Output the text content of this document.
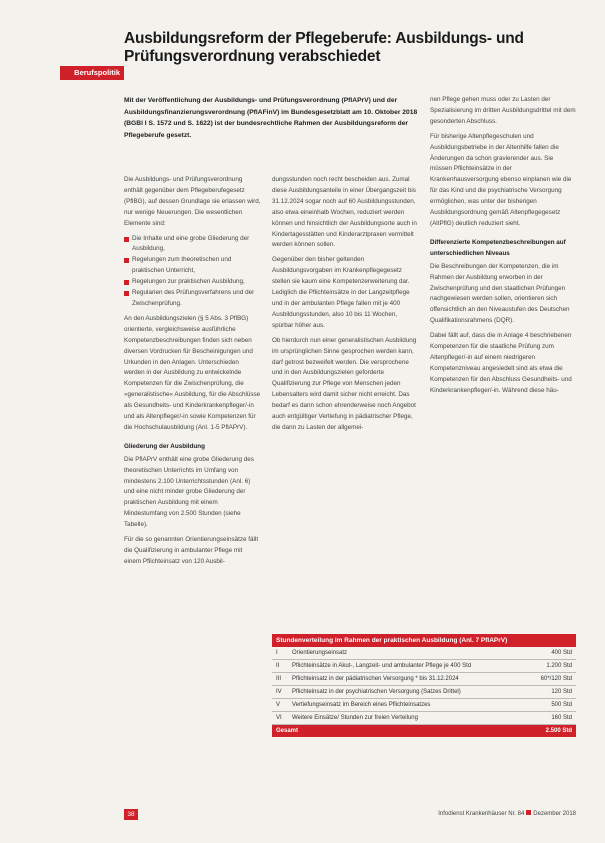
Ausbildungsreform der Pflegeberufe: Ausbildungs- und Prüfungsverordnung verabschiedet
Berufspolitik
Mit der Veröffentlichung der Ausbildungs- und Prüfungsverordnung (PflAPrV) und der Ausbildungsfinanzierungsverordnung (PflAFinV) im Bundesgesetzblatt am 10. Oktober 2018 (BGBl I S. 1572 und S. 1622) ist der bundesrechtliche Rahmen der Ausbildungsreform der Pflegeberufe gesetzt.

Die Ausbildungs- und Prüfungsverordnung enthält gegenüber dem Pflegeberufegesetz (PflBG), auf dessen Grundlage sie erlassen wird, nur wenige Neuerungen. Die wesentlichen Elemente sind:

Die Inhalte und eine grobe Gliederung der Ausbildung,
Regelungen zum theoretischen und praktischen Unterricht,
Regelungen zur praktischen Ausbildung,
Regularien des Prüfungsverfahrens und der Zwischenprüfung.

An den Ausbildungszielen (§ 5 Abs. 3 PflBG) orientierte, vergleichsweise ausführliche Kompetenzbeschreibungen finden sich neben diversen Vordrucken für Bescheinigungen und Urkunden in den Anlagen. Unterschieden werden in der Ausbildung zu entwickelnde Kompetenzen für die Zwischenprüfung, die »generalistische« Ausbildung, für die Abschlüsse als Gesundheits- und Kinderkrankenpfleger/-in und als Altenpfleger/-in sowie Kompetenzen für die Hochschulausbildung (Anl. 1-5 PflAPrV).

Gliederung der Ausbildung

Die PflAPrV enthält eine grobe Gliederung des theoretischen Unterrichts im Umfang von mindestens 2.100 Unterrichtsstunden (Anl. 6) und eine nicht minder grobe Gliederung der praktischen Ausbildung mit einem Mindestumfang von 2.500 Stunden (siehe Tabelle).

Für die so genannten Orientierungseinsätze fällt die Qualifizierung in ambulanter Pflege mit einem Pflichteinsatz von 120 Ausbil-

dungsstunden noch recht bescheiden aus. Zumal diese Ausbildungsanteile in einer Übergangszeit bis 31.12.2024 sogar noch auf 60 Ausbildungsstunden, also etwa eineinhalb Wochen, reduziert werden können und hinsichtlich der Ausbildungsorte auch in Kindertagesstätten und Kinderarztpraxen vermittelt werden können sollen.

Gegenüber den bisher geltenden Ausbildungsvorgaben im Krankenpflegegesetz stellen sie kaum eine Kompetenzerweiterung dar. Lediglich die Pflichteinsätze in der Langzeitpflege und in der ambulanten Pflege fallen mit je 400 Ausbildungsstunden, also 10 bis 11 Wochen, spürbar höher aus.

Ob hierdurch nun einer generalistischen Ausbildung im ursprünglichen Sinne gesprochen werden kann, darf getrost bezweifelt werden. Die versprochene und in den Ausbildungszielen geforderte Qualifizierung zur Pflege von Menschen jeden Lebensalters wird damit sicher nicht erreicht. Das bedarf es dann schon ehrenderweise noch Angebot auch entgültiger Vertiefung in pädiatrischer Pflege, die dann zu Lasten der allgemei-

nen Pflege gehen muss oder zu Lasten der Spezialisierung im dritten Ausbildungsdrittel mit dem gesonderten Abschluss.

Für bisherige Altenpflegeschulen und Ausbildungsbetriebe in der Altenhilfe fallen die Änderungen da schon gravierender aus. Sie müssen Pflichteinsätze in der Krankenhausversorgung ebenso einplanen wie die für das Kind und die psychiatrische Versorgung ermöglichen, was unter der bisherigen Ausbildungsordnung gemäß Altenpflegegesetz (AltPflG) deutlich reduziert sieht.

Differenzierte Kompetenzbeschreibungen auf unterschiedlichen Niveaus

Die Beschreibungen der Kompetenzen, die im Rahmen der Ausbildung erworben in der Zwischenprüfung und den staatlichen Prüfungen nachgewiesen werden sollen, orientieren sich offensichtlich an den Niveaustufen des Deutschen Qualifikationsrahmens (DQR).

Dabei fällt auf, dass die in Anlage 4 beschriebenen Kompetenzen für die staatliche Prüfung zum Altenpfleger/-in auf einem niedrigeren Kompetenzniveau angesiedelt sind als etwa die Kompetenzen für den Abschluss Gesundheits- und Kinderkrankenpfleger/-in. Während diese häu-

Stundenverteilung im Rahmen der praktischen Ausbildung (Anl. 7 PflAPrV)
I	Orientierungseinsatz	400 Std
II	Pflichteinsätze in Akut-, Langzeit- und ambulanter Pflege je 400 Std	1.200 Std
III	Pflichteinsatz in der pädiatrischen Versorgung * bis 31.12.2024	60*/120 Std
IV	Pflichteinsatz in der psychiatrischen Versorgung (Satzes Drittel)	120 Std
V	Vertiefungseinsatz im Bereich eines Pflichteinsatzes	500 Std
VI	Weitere Einsätze/ Stunden zur freien Verteilung	160 Std
Gesamt	2.500 Std
38	Infodienst Krankenhäuser Nr. 84 Dezember 2018
